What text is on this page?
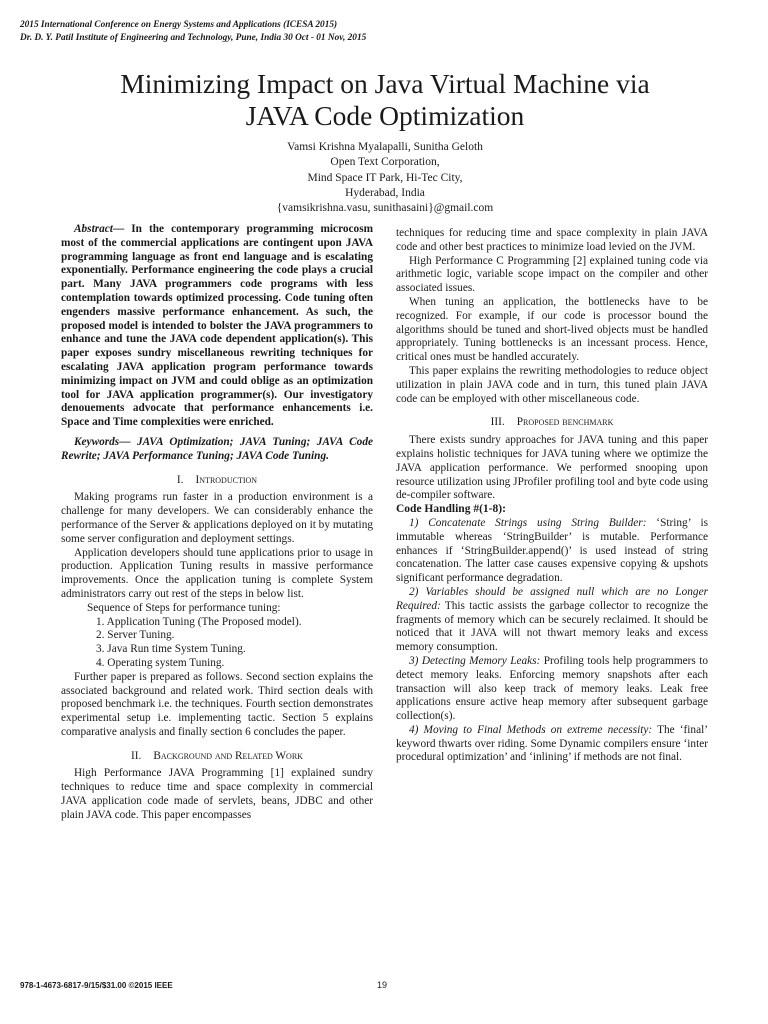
2015 International Conference on Energy Systems and Applications (ICESA 2015)
Dr. D. Y. Patil Institute of Engineering and Technology, Pune, India 30 Oct - 01 Nov, 2015
Minimizing Impact on Java Virtual Machine via
JAVA Code Optimization
Vamsi Krishna Myalapalli, Sunitha Geloth
Open Text Corporation,
Mind Space IT Park, Hi-Tec City,
Hyderabad, India
{vamsikrishna.vasu, sunithasaini}@gmail.com

Abstract— In the contemporary programming microcosm most of the commercial applications are contingent upon JAVA programming language as front end language and is escalating exponentially. Performance engineering the code plays a crucial part. Many JAVA programmers code programs with less contemplation towards optimized processing. Code tuning often engenders massive performance enhancement. As such, the proposed model is intended to bolster the JAVA programmers to enhance and tune the JAVA code dependent application(s). This paper exposes sundry miscellaneous rewriting techniques for escalating JAVA application program performance towards minimizing impact on JVM and could oblige as an optimization tool for JAVA application programmer(s). Our investigatory denouements advocate that performance enhancements i.e. Space and Time complexities were enriched.

Keywords— JAVA Optimization; JAVA Tuning; JAVA Code Rewrite; JAVA Performance Tuning; JAVA Code Tuning.

I. Introduction

Making programs run faster in a production environment is a challenge for many developers. We can considerably enhance the performance of the Server & applications deployed on it by mutating some server configuration and deployment settings.

Application developers should tune applications prior to usage in production. Application Tuning results in massive performance improvements. Once the application tuning is complete System administrators carry out rest of the steps in below list.

Sequence of Steps for performance tuning:

1. Application Tuning (The Proposed model).
2. Server Tuning.
3. Java Run time System Tuning.
4. Operating system Tuning.

Further paper is prepared as follows. Second section explains the associated background and related work. Third section deals with proposed benchmark i.e. the techniques. Fourth section demonstrates experimental setup i.e. implementing tactic. Section 5 explains comparative analysis and finally section 6 concludes the paper.

II. Background and Related Work

High Performance JAVA Programming [1] explained sundry techniques to reduce time and space complexity in commercial JAVA application code made of servlets, beans, JDBC and other plain JAVA code. This paper encompasses

techniques for reducing time and space complexity in plain JAVA code and other best practices to minimize load levied on the JVM.

High Performance C Programming [2] explained tuning code via arithmetic logic, variable scope impact on the compiler and other associated issues.

When tuning an application, the bottlenecks have to be recognized. For example, if our code is processor bound the algorithms should be tuned and short-lived objects must be handled appropriately. Tuning bottlenecks is an incessant process. Hence, critical ones must be handled accurately.

This paper explains the rewriting methodologies to reduce object utilization in plain JAVA code and in turn, this tuned plain JAVA code can be employed with other miscellaneous code.

III. Proposed benchmark

There exists sundry approaches for JAVA tuning and this paper explains holistic techniques for JAVA tuning where we optimize the JAVA application performance. We performed snooping upon resource utilization using JProfiler profiling tool and byte code using de-compiler software.

Code Handling #(1-8):

1) Concatenate Strings using String Builder: ‘String’ is immutable whereas ‘StringBuilder’ is mutable. Performance enhances if ‘StringBuilder.append()’ is used instead of string concatenation. The latter case causes expensive copying & upshots significant performance degradation.

2) Variables should be assigned null which are no Longer Required: This tactic assists the garbage collector to recognize the fragments of memory which can be securely reclaimed. It should be noticed that it JAVA will not thwart memory leaks and excess memory consumption.

3) Detecting Memory Leaks: Profiling tools help programmers to detect memory leaks. Enforcing memory snapshots after each transaction will also keep track of memory leaks. Leak free applications ensure active heap memory after subsequent garbage collection(s).

4) Moving to Final Methods on extreme necessity: The ‘final’ keyword thwarts over riding. Some Dynamic compilers ensure ‘inter procedural optimization’ and ‘inlining’ if methods are not final.

978-1-4673-6817-9/15/$31.00 ©2015 IEEE	19
